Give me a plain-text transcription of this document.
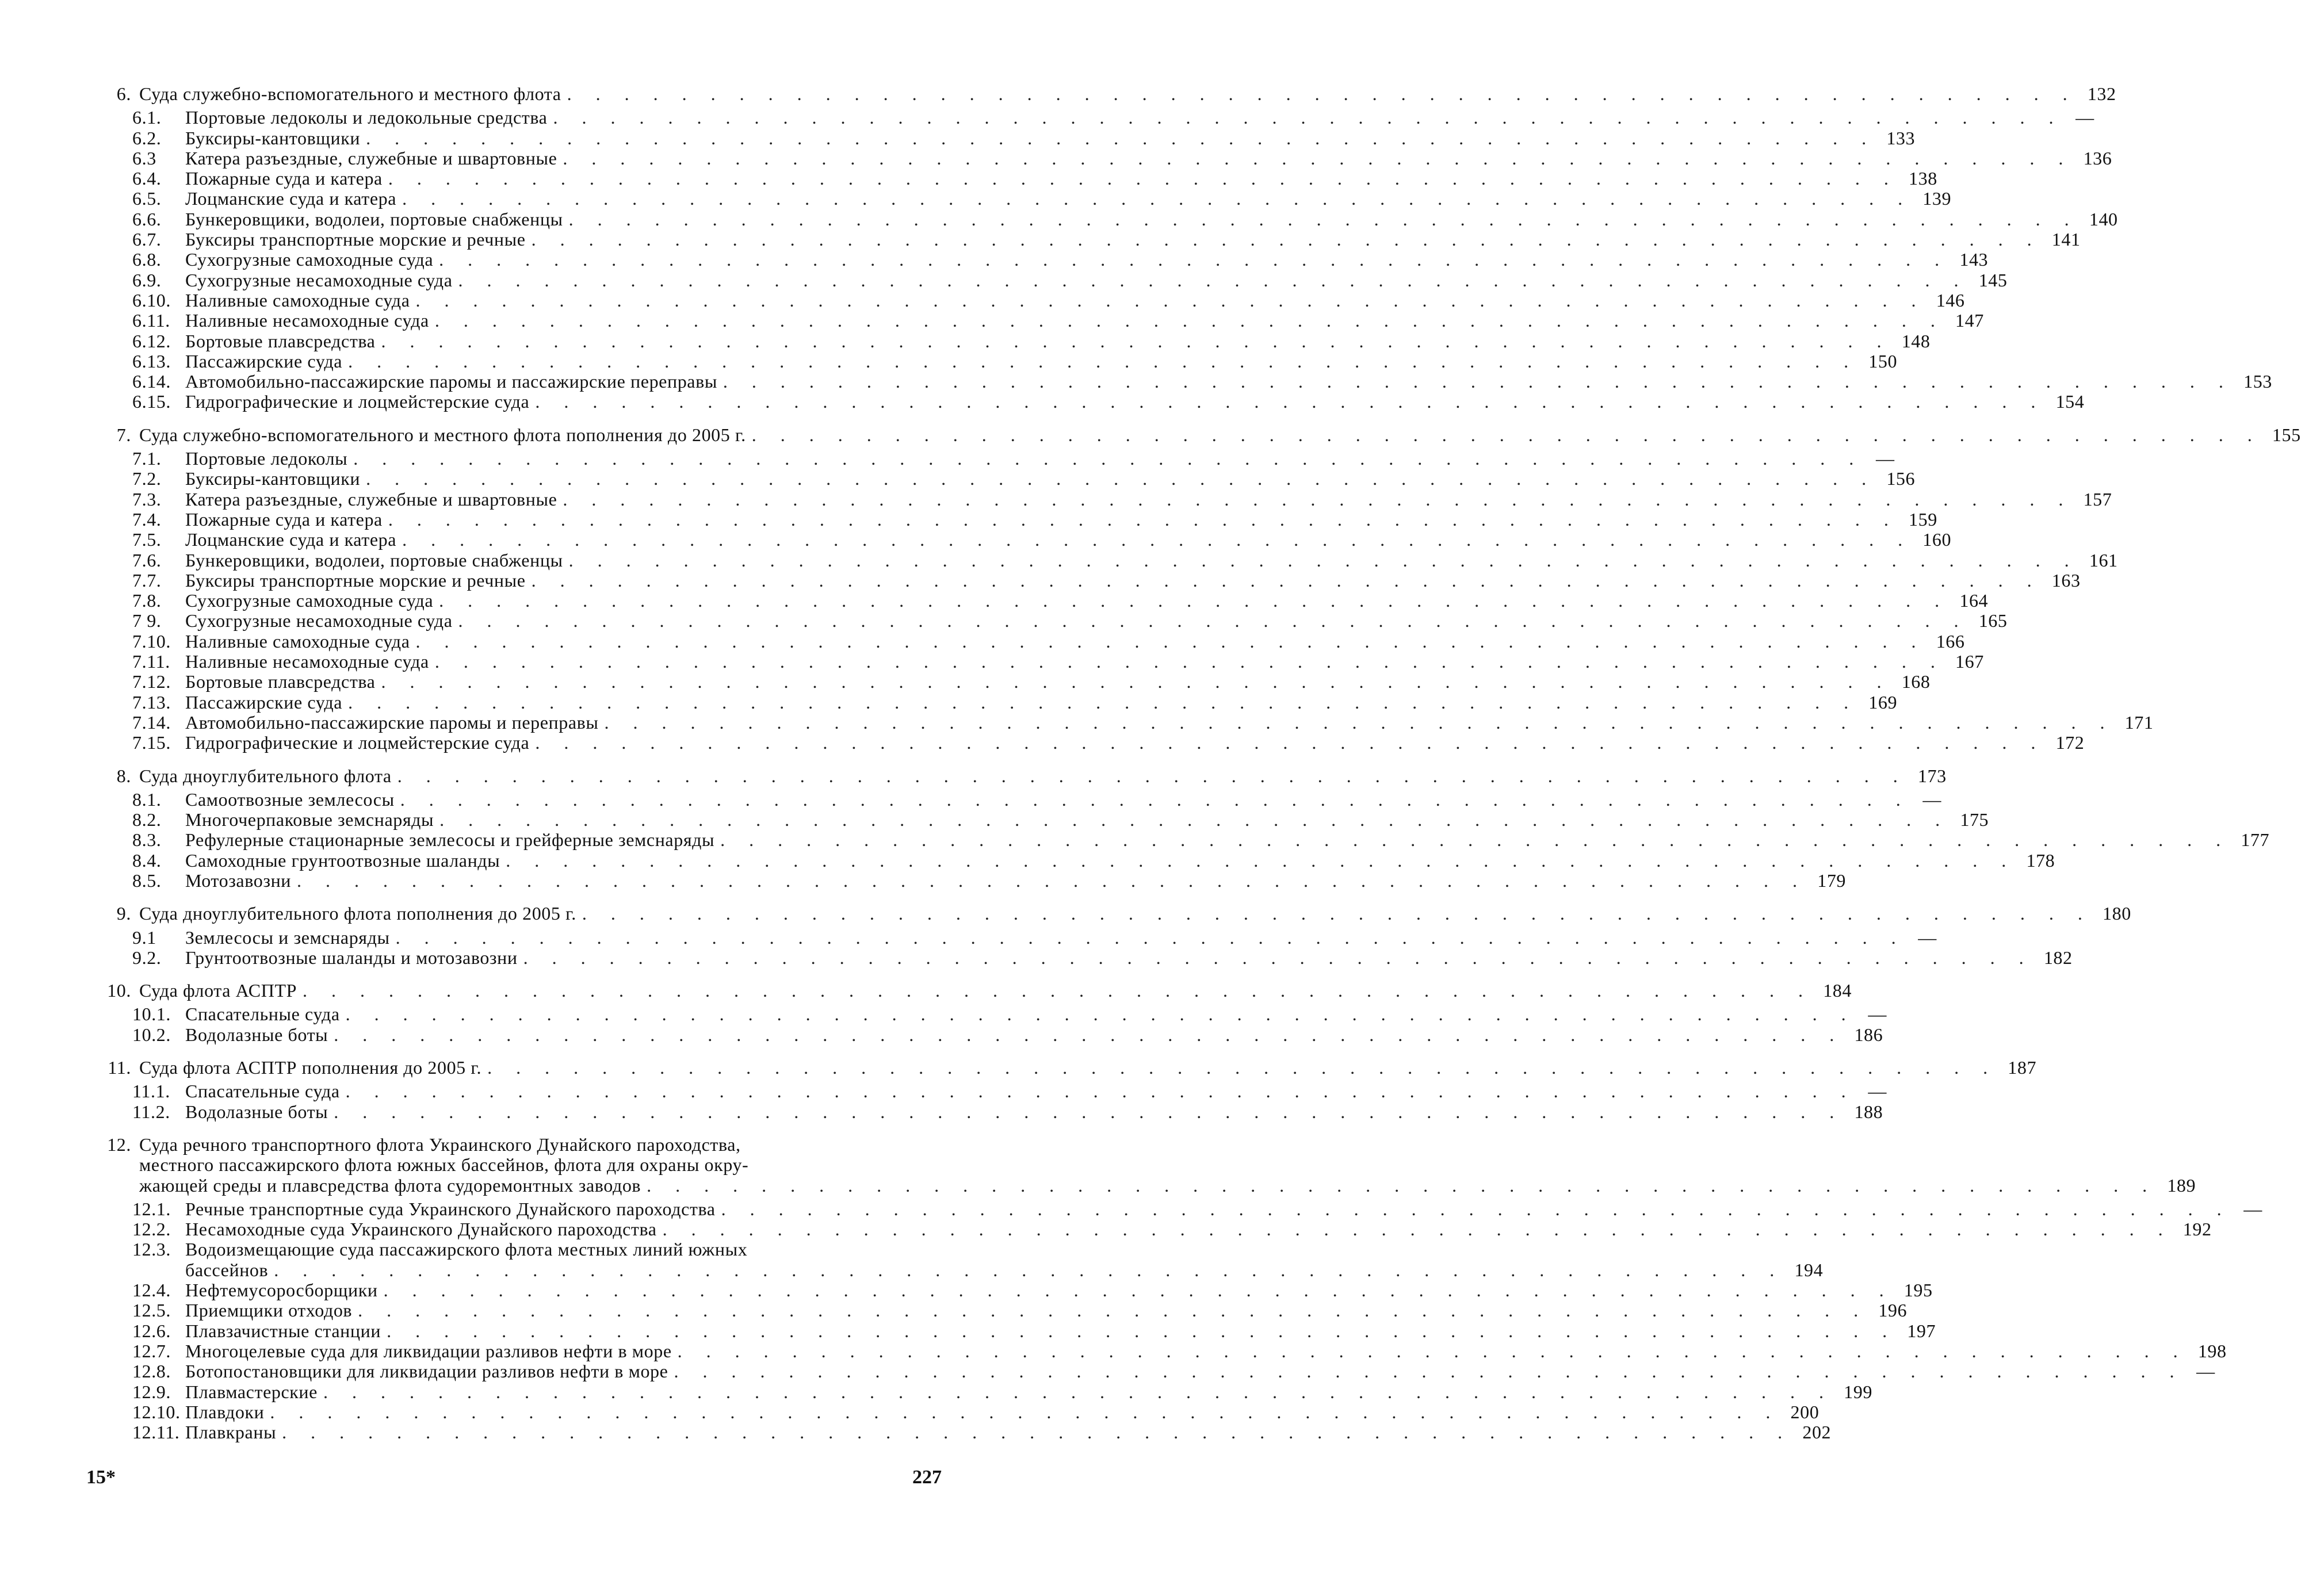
6. Суда служебно-вспомогательного и местного флота . . . . . . . . . . . . . . . . . . . . . . . . . . . . . . . . . . . . . . . . . . . . . . . . . . . . . 132
6.1.	Портовые ледоколы и ледокольные средства . . . . . . . . . . . . . . . . . . . . . . . . . . . . . . . . . . . . . . . . . . . . . . . . . . . . . —
6.2.	Буксиры-кантовщики . . . . . . . . . . . . . . . . . . . . . . . . . . . . . . . . . . . . . . . . . . . . . . . . . . . . . 133
6.3	Катера разъездные, служебные и швартовные . . . . . . . . . . . . . . . . . . . . . . . . . . . . . . . . . . . . . . . . . . . . . . . . . . . . . 136
6.4.	Пожарные суда и катера . . . . . . . . . . . . . . . . . . . . . . . . . . . . . . . . . . . . . . . . . . . . . . . . . . . . . 138
6.5.	Лоцманские суда и катера . . . . . . . . . . . . . . . . . . . . . . . . . . . . . . . . . . . . . . . . . . . . . . . . . . . . . 139
6.6.	Бункеровщики, водолеи, портовые снабженцы . . . . . . . . . . . . . . . . . . . . . . . . . . . . . . . . . . . . . . . . . . . . . . . . . . . . . 140
6.7.	Буксиры транспортные морские и речные . . . . . . . . . . . . . . . . . . . . . . . . . . . . . . . . . . . . . . . . . . . . . . . . . . . . . 141
6.8.	Сухогрузные самоходные суда . . . . . . . . . . . . . . . . . . . . . . . . . . . . . . . . . . . . . . . . . . . . . . . . . . . . . 143
6.9.	Сухогрузные несамоходные суда . . . . . . . . . . . . . . . . . . . . . . . . . . . . . . . . . . . . . . . . . . . . . . . . . . . . . 145
6.10. Наливные самоходные суда . . . . . . . . . . . . . . . . . . . . . . . . . . . . . . . . . . . . . . . . . . . . . . . . . . . . . 146
6.11. Наливные несамоходные суда . . . . . . . . . . . . . . . . . . . . . . . . . . . . . . . . . . . . . . . . . . . . . . . . . . . . . 147
6.12. Бортовые плавсредства . . . . . . . . . . . . . . . . . . . . . . . . . . . . . . . . . . . . . . . . . . . . . . . . . . . . . 148
6.13. Пассажирские суда . . . . . . . . . . . . . . . . . . . . . . . . . . . . . . . . . . . . . . . . . . . . . . . . . . . . . 150
6.14. Автомобильно-пассажирские паромы и пассажирские переправы . . . . . . . . . . . . . . . . . . . . . . . . . . . . . . . . . . . . . . . . . . . . . . . . . . . . . 153
6.15. Гидрографические и лоцмейстерские суда . . . . . . . . . . . . . . . . . . . . . . . . . . . . . . . . . . . . . . . . . . . . . . . . . . . . . 154
7. Суда служебно-вспомогательного и местного флота пополнения до 2005 г. . . . . . . . . . . . . . . . . . . . . . . . . . . . . . . . . . . . . . . . . . . . . . . . . . . . . . 155
7.1.	Портовые ледоколы . . . . . . . . . . . . . . . . . . . . . . . . . . . . . . . . . . . . . . . . . . . . . . . . . . . . . —
7.2.	Буксиры-кантовщики . . . . . . . . . . . . . . . . . . . . . . . . . . . . . . . . . . . . . . . . . . . . . . . . . . . . . 156
7.3.	Катера разъездные, служебные и швартовные . . . . . . . . . . . . . . . . . . . . . . . . . . . . . . . . . . . . . . . . . . . . . . . . . . . . . 157
7.4.	Пожарные суда и катера . . . . . . . . . . . . . . . . . . . . . . . . . . . . . . . . . . . . . . . . . . . . . . . . . . . . . 159
7.5.	Лоцманские суда и катера . . . . . . . . . . . . . . . . . . . . . . . . . . . . . . . . . . . . . . . . . . . . . . . . . . . . . 160
7.6.	Бункеровщики, водолеи, портовые снабженцы . . . . . . . . . . . . . . . . . . . . . . . . . . . . . . . . . . . . . . . . . . . . . . . . . . . . . 161
7.7.	Буксиры транспортные морские и речные . . . . . . . . . . . . . . . . . . . . . . . . . . . . . . . . . . . . . . . . . . . . . . . . . . . . . 163
7.8.	Сухогрузные самоходные суда . . . . . . . . . . . . . . . . . . . . . . . . . . . . . . . . . . . . . . . . . . . . . . . . . . . . . 164
7 9.	Сухогрузные несамоходные суда . . . . . . . . . . . . . . . . . . . . . . . . . . . . . . . . . . . . . . . . . . . . . . . . . . . . . 165
7.10. Наливные самоходные суда . . . . . . . . . . . . . . . . . . . . . . . . . . . . . . . . . . . . . . . . . . . . . . . . . . . . . 166
7.11. Наливные несамоходные суда . . . . . . . . . . . . . . . . . . . . . . . . . . . . . . . . . . . . . . . . . . . . . . . . . . . . . 167
7.12. Бортовые плавсредства . . . . . . . . . . . . . . . . . . . . . . . . . . . . . . . . . . . . . . . . . . . . . . . . . . . . . 168
7.13. Пассажирские суда . . . . . . . . . . . . . . . . . . . . . . . . . . . . . . . . . . . . . . . . . . . . . . . . . . . . . 169
7.14. Автомобильно-пассажирские паромы и переправы . . . . . . . . . . . . . . . . . . . . . . . . . . . . . . . . . . . . . . . . . . . . . . . . . . . . . 171
7.15. Гидрографические и лоцмейстерские суда . . . . . . . . . . . . . . . . . . . . . . . . . . . . . . . . . . . . . . . . . . . . . . . . . . . . . 172
8. Суда дноуглубительного флота . . . . . . . . . . . . . . . . . . . . . . . . . . . . . . . . . . . . . . . . . . . . . . . . . . . . . 173
8.1.	Самоотвозные землесосы . . . . . . . . . . . . . . . . . . . . . . . . . . . . . . . . . . . . . . . . . . . . . . . . . . . . . —
8.2.	Многочерпаковые земснаряды . . . . . . . . . . . . . . . . . . . . . . . . . . . . . . . . . . . . . . . . . . . . . . . . . . . . . 175
8.3.	Рефулерные стационарные землесосы и грейферные земснаряды . . . . . . . . . . . . . . . . . . . . . . . . . . . . . . . . . . . . . . . . . . . . . . . . . . . . . 177
8.4.	Самоходные грунтоотвозные шаланды . . . . . . . . . . . . . . . . . . . . . . . . . . . . . . . . . . . . . . . . . . . . . . . . . . . . . 178
8.5.	Мотозавозни . . . . . . . . . . . . . . . . . . . . . . . . . . . . . . . . . . . . . . . . . . . . . . . . . . . . . 179
9. Суда дноуглубительного флота пополнения до 2005 г. . . . . . . . . . . . . . . . . . . . . . . . . . . . . . . . . . . . . . . . . . . . . . . . . . . . . . 180
9.1	Землесосы и земснаряды . . . . . . . . . . . . . . . . . . . . . . . . . . . . . . . . . . . . . . . . . . . . . . . . . . . . . —
9.2.	Грунтоотвозные шаланды и мотозавозни . . . . . . . . . . . . . . . . . . . . . . . . . . . . . . . . . . . . . . . . . . . . . . . . . . . . . 182
10. Суда флота АСПТР . . . . . . . . . . . . . . . . . . . . . . . . . . . . . . . . . . . . . . . . . . . . . . . . . . . . . 184
10.1. Спасательные суда . . . . . . . . . . . . . . . . . . . . . . . . . . . . . . . . . . . . . . . . . . . . . . . . . . . . . —
10.2. Водолазные боты . . . . . . . . . . . . . . . . . . . . . . . . . . . . . . . . . . . . . . . . . . . . . . . . . . . . . 186
11. Суда флота АСПТР пополнения до 2005 г. . . . . . . . . . . . . . . . . . . . . . . . . . . . . . . . . . . . . . . . . . . . . . . . . . . . . . 187
11.1. Спасательные суда . . . . . . . . . . . . . . . . . . . . . . . . . . . . . . . . . . . . . . . . . . . . . . . . . . . . . —
11.2. Водолазные боты . . . . . . . . . . . . . . . . . . . . . . . . . . . . . . . . . . . . . . . . . . . . . . . . . . . . . 188
12. Суда речного транспортного флота Украинского Дунайского пароходства,
местного пассажирского флота южных бассейнов, флота для охраны окру-
жающей среды и плавсредства флота судоремонтных заводов . . . . . . . . . . . . . . . . . . . . . . . . . . . . . . . . . . . . . . . . . . . . . . . . . . . . . 189
12.1. Речные транспортные суда Украинского Дунайского пароходства . . . . . . . . . . . . . . . . . . . . . . . . . . . . . . . . . . . . . . . . . . . . . . . . . . . . . —
12.2. Несамоходные суда Украинского Дунайского пароходства . . . . . . . . . . . . . . . . . . . . . . . . . . . . . . . . . . . . . . . . . . . . . . . . . . . . . 192
12.3. Водоизмещающие суда пассажирского флота местных линий южных
бассейнов . . . . . . . . . . . . . . . . . . . . . . . . . . . . . . . . . . . . . . . . . . . . . . . . . . . . . 194
12.4. Нефтемусоросборщики . . . . . . . . . . . . . . . . . . . . . . . . . . . . . . . . . . . . . . . . . . . . . . . . . . . . . 195
12.5. Приемщики отходов . . . . . . . . . . . . . . . . . . . . . . . . . . . . . . . . . . . . . . . . . . . . . . . . . . . . . 196
12.6. Плавзачистные станции . . . . . . . . . . . . . . . . . . . . . . . . . . . . . . . . . . . . . . . . . . . . . . . . . . . . . 197
12.7. Многоцелевые суда для ликвидации разливов нефти в море . . . . . . . . . . . . . . . . . . . . . . . . . . . . . . . . . . . . . . . . . . . . . . . . . . . . . 198
12.8. Ботопостановщики для ликвидации разливов нефти в море . . . . . . . . . . . . . . . . . . . . . . . . . . . . . . . . . . . . . . . . . . . . . . . . . . . . . —
12.9. Плавмастерские . . . . . . . . . . . . . . . . . . . . . . . . . . . . . . . . . . . . . . . . . . . . . . . . . . . . . 199
12.10. Плавдоки . . . . . . . . . . . . . . . . . . . . . . . . . . . . . . . . . . . . . . . . . . . . . . . . . . . . . 200
12.11. Плавкраны . . . . . . . . . . . . . . . . . . . . . . . . . . . . . . . . . . . . . . . . . . . . . . . . . . . . . 202
15*	227
